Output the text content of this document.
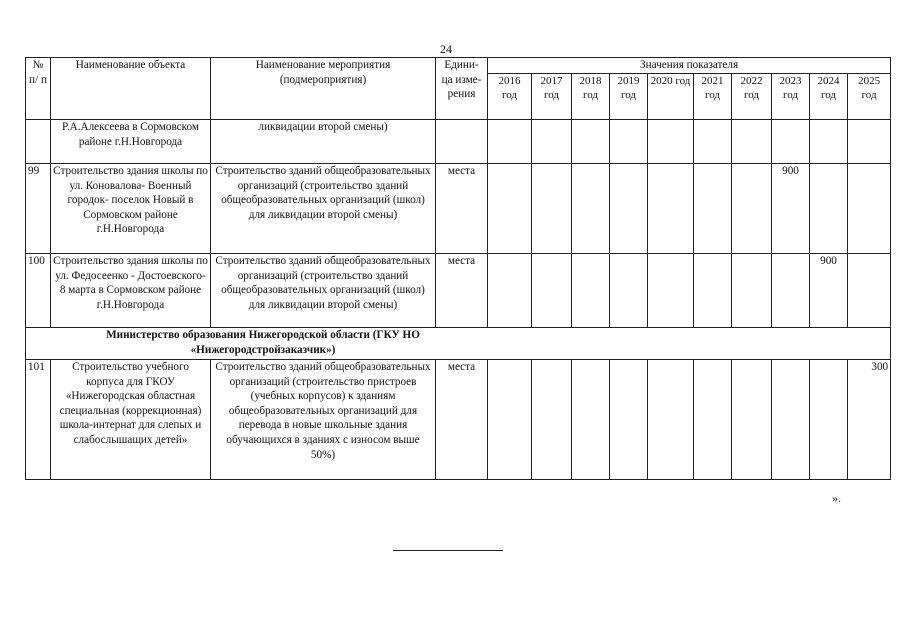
24
№ п/ п	Наименование объекта	Наименование мероприятия (подмероприятия)	Едини- ца изме- рения	Значения показателя									
				2016 год	2017 год	2018 год	2019 год	2020 год	2021 год	2022 год	2023 год	2024 год	2025 год
	Р.А.Алексеева в Сормовском районе г.Н.Новгорода	ликвидации второй смены)											
99	Строительство здания школы по ул. Коновалова- Военный городок- поселок Новый в Сормовском районе г.Н.Новгорода	Строительство зданий общеобразовательных организаций (строительство зданий общеобразовательных организаций (школ) для ликвидации второй смены)	места								900		
100	Строительство здания школы по ул. Федосеенко - Достоевского- 8 марта в Сормовском районе г.Н.Новгорода	Строительство зданий общеобразовательных организаций (строительство зданий общеобразовательных организаций (школ) для ликвидации второй смены)	места									900	

Министерство образования Нижегородской области (ГКУ НО «Нижегородстройзаказчик»)													

101	Строительство учебного корпуса для ГКОУ «Нижегородская областная специальная (коррекционная) школа-интернат для слепых и слабослышащих детей»	Строительство зданий общеобразовательных организаций (строительство пристроев (учебных корпусов) к зданиям общеобразовательных организаций для перевода в новые школьные здания обучающихся в зданиях с износом выше 50%)	места										300
».
